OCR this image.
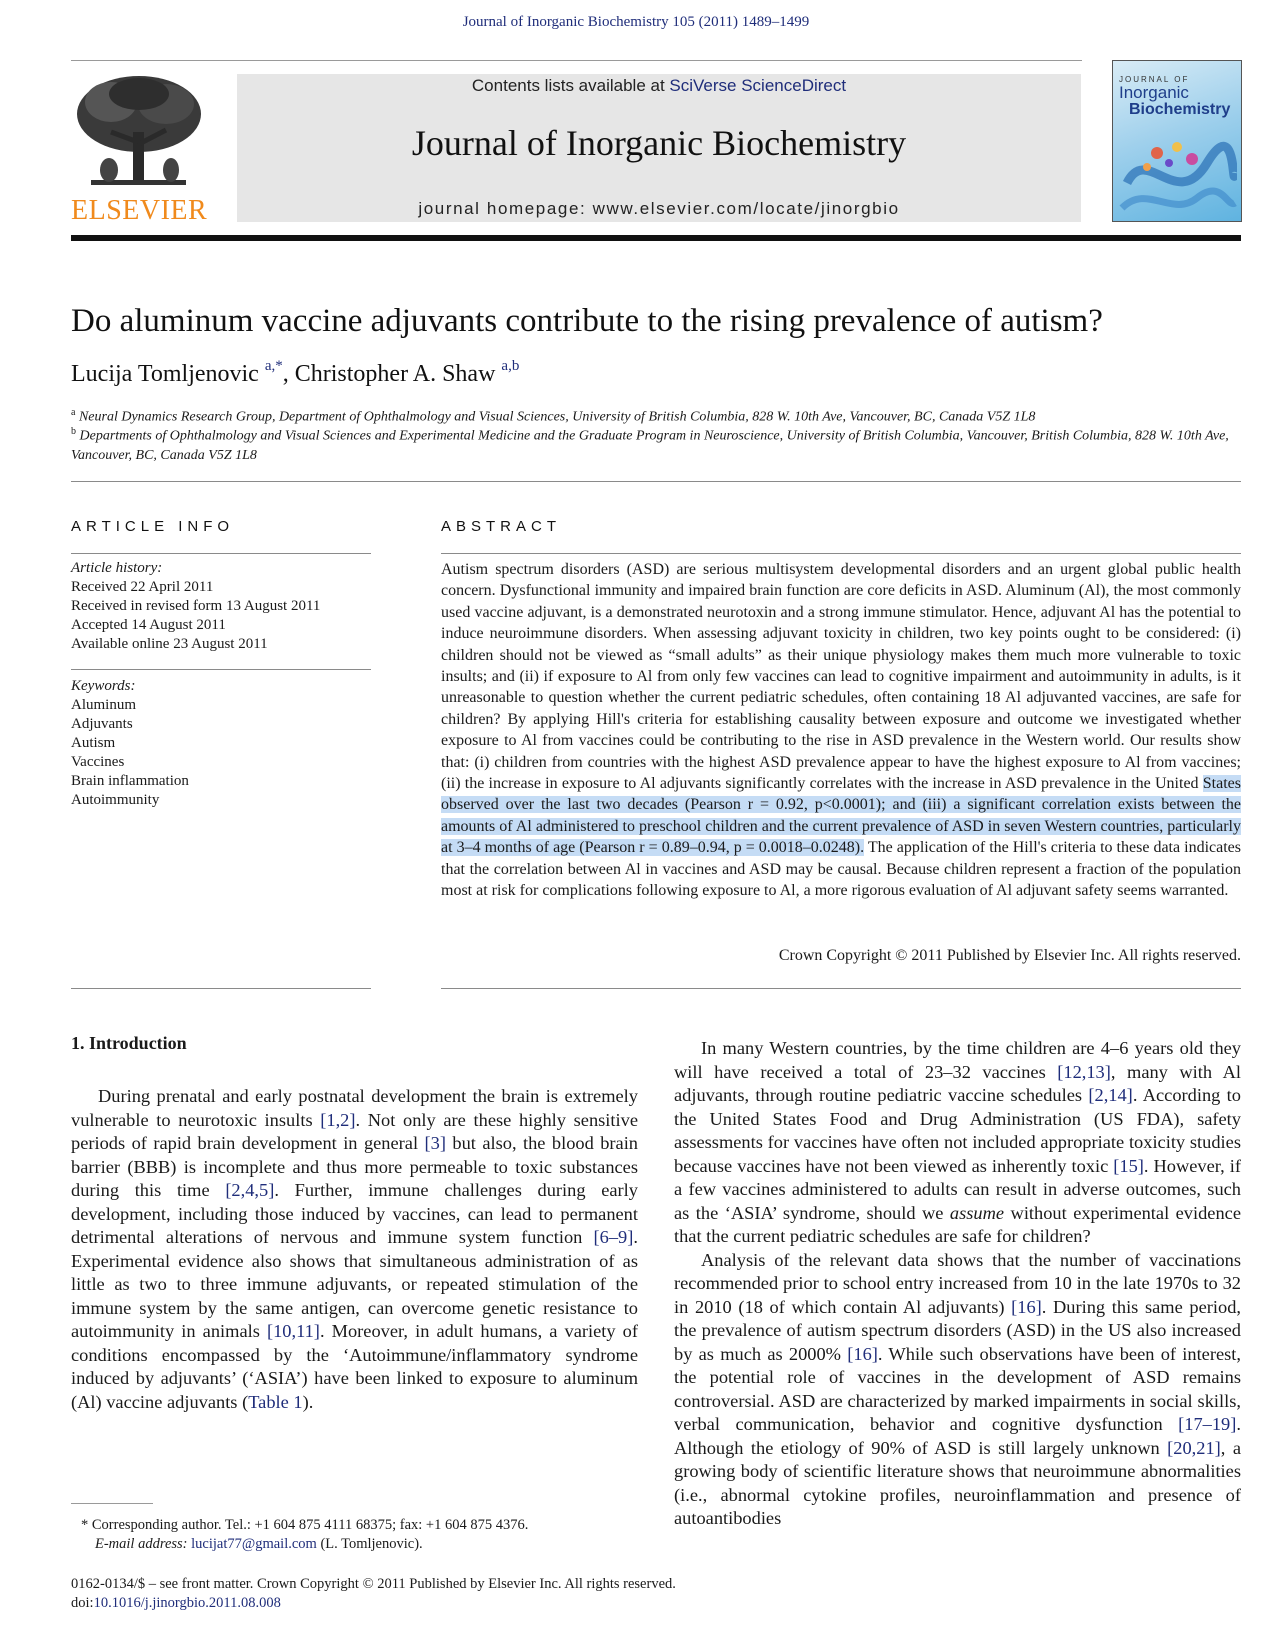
Journal of Inorganic Biochemistry 105 (2011) 1489–1499
ELSEVIER
Contents lists available at SciVerse ScienceDirect
Journal of Inorganic Biochemistry
journal homepage: www.elsevier.com/locate/jinorgbio
JOURNAL OF
Inorganic
Biochemistry
Do aluminum vaccine adjuvants contribute to the rising prevalence of autism?
Lucija Tomljenovic $^{a,*}$, Christopher A. Shaw $^{a,b}$
$^a$ Neural Dynamics Research Group, Department of Ophthalmology and Visual Sciences, University of British Columbia, 828 W. 10th Ave, Vancouver, BC, Canada V5Z 1L8
$^b$ Departments of Ophthalmology and Visual Sciences and Experimental Medicine and the Graduate Program in Neuroscience, University of British Columbia, Vancouver, British Columbia, 828 W. 10th Ave, Vancouver, BC, Canada V5Z 1L8
ARTICLE INFO
Article history:
Received 22 April 2011
Received in revised form 13 August 2011
Accepted 14 August 2011
Available online 23 August 2011
Keywords:
Aluminum
Adjuvants
Autism
Vaccines
Brain inflammation
Autoimmunity
ABSTRACT
Autism spectrum disorders (ASD) are serious multisystem developmental disorders and an urgent global public health concern. Dysfunctional immunity and impaired brain function are core deficits in ASD. Aluminum (Al), the most commonly used vaccine adjuvant, is a demonstrated neurotoxin and a strong immune stimulator. Hence, adjuvant Al has the potential to induce neuroimmune disorders. When assessing adjuvant toxicity in children, two key points ought to be considered: (i) children should not be viewed as “small adults” as their unique physiology makes them much more vulnerable to toxic insults; and (ii) if exposure to Al from only few vaccines can lead to cognitive impairment and autoimmunity in adults, is it unreasonable to question whether the current pediatric schedules, often containing 18 Al adjuvanted vaccines, are safe for children? By applying Hill's criteria for establishing causality between exposure and outcome we investigated whether exposure to Al from vaccines could be contributing to the rise in ASD prevalence in the Western world. Our results show that: (i) children from countries with the highest ASD prevalence appear to have the highest exposure to Al from vaccines; (ii) the increase in exposure to Al adjuvants significantly correlates with the increase in ASD prevalence in the United States observed over the last two decades (Pearson r = 0.92, p<0.0001); and (iii) a significant correlation exists between the amounts of Al administered to preschool children and the current prevalence of ASD in seven Western countries, particularly at 3–4 months of age (Pearson r = 0.89–0.94, p = 0.0018–0.0248). The application of the Hill's criteria to these data indicates that the correlation between Al in vaccines and ASD may be causal. Because children represent a fraction of the population most at risk for complications following exposure to Al, a more rigorous evaluation of Al adjuvant safety seems warranted.
Crown Copyright © 2011 Published by Elsevier Inc. All rights reserved.
1. Introduction

During prenatal and early postnatal development the brain is extremely vulnerable to neurotoxic insults [1,2]. Not only are these highly sensitive periods of rapid brain development in general [3] but also, the blood brain barrier (BBB) is incomplete and thus more permeable to toxic substances during this time [2,4,5]. Further, immune challenges during early development, including those induced by vaccines, can lead to permanent detrimental alterations of nervous and immune system function [6–9]. Experimental evidence also shows that simultaneous administration of as little as two to three immune adjuvants, or repeated stimulation of the immune system by the same antigen, can overcome genetic resistance to autoimmunity in animals [10,11]. Moreover, in adult humans, a variety of conditions encompassed by the ‘Autoimmune/inflammatory syndrome induced by adjuvants’ (‘ASIA’) have been linked to exposure to aluminum (Al) vaccine adjuvants (Table 1).

In many Western countries, by the time children are 4–6 years old they will have received a total of 23–32 vaccines [12,13], many with Al adjuvants, through routine pediatric vaccine schedules [2,14]. According to the United States Food and Drug Administration (US FDA), safety assessments for vaccines have often not included appropriate toxicity studies because vaccines have not been viewed as inherently toxic [15]. However, if a few vaccines administered to adults can result in adverse outcomes, such as the ‘ASIA’ syndrome, should we assume without experimental evidence that the current pediatric schedules are safe for children?

Analysis of the relevant data shows that the number of vaccinations recommended prior to school entry increased from 10 in the late 1970s to 32 in 2010 (18 of which contain Al adjuvants) [16]. During this same period, the prevalence of autism spectrum disorders (ASD) in the US also increased by as much as 2000% [16]. While such observations have been of interest, the potential role of vaccines in the development of ASD remains controversial. ASD are characterized by marked impairments in social skills, verbal communication, behavior and cognitive dysfunction [17–19]. Although the etiology of 90% of ASD is still largely unknown [20,21], a growing body of scientific literature shows that neuroimmune abnormalities (i.e., abnormal cytokine profiles, neuroinflammation and presence of autoantibodies

* Corresponding author. Tel.: +1 604 875 4111 68375; fax: +1 604 875 4376.
E-mail address: lucijat77@gmail.com (L. Tomljenovic).
0162-0134/$ – see front matter. Crown Copyright © 2011 Published by Elsevier Inc. All rights reserved.
doi:10.1016/j.jinorgbio.2011.08.008
